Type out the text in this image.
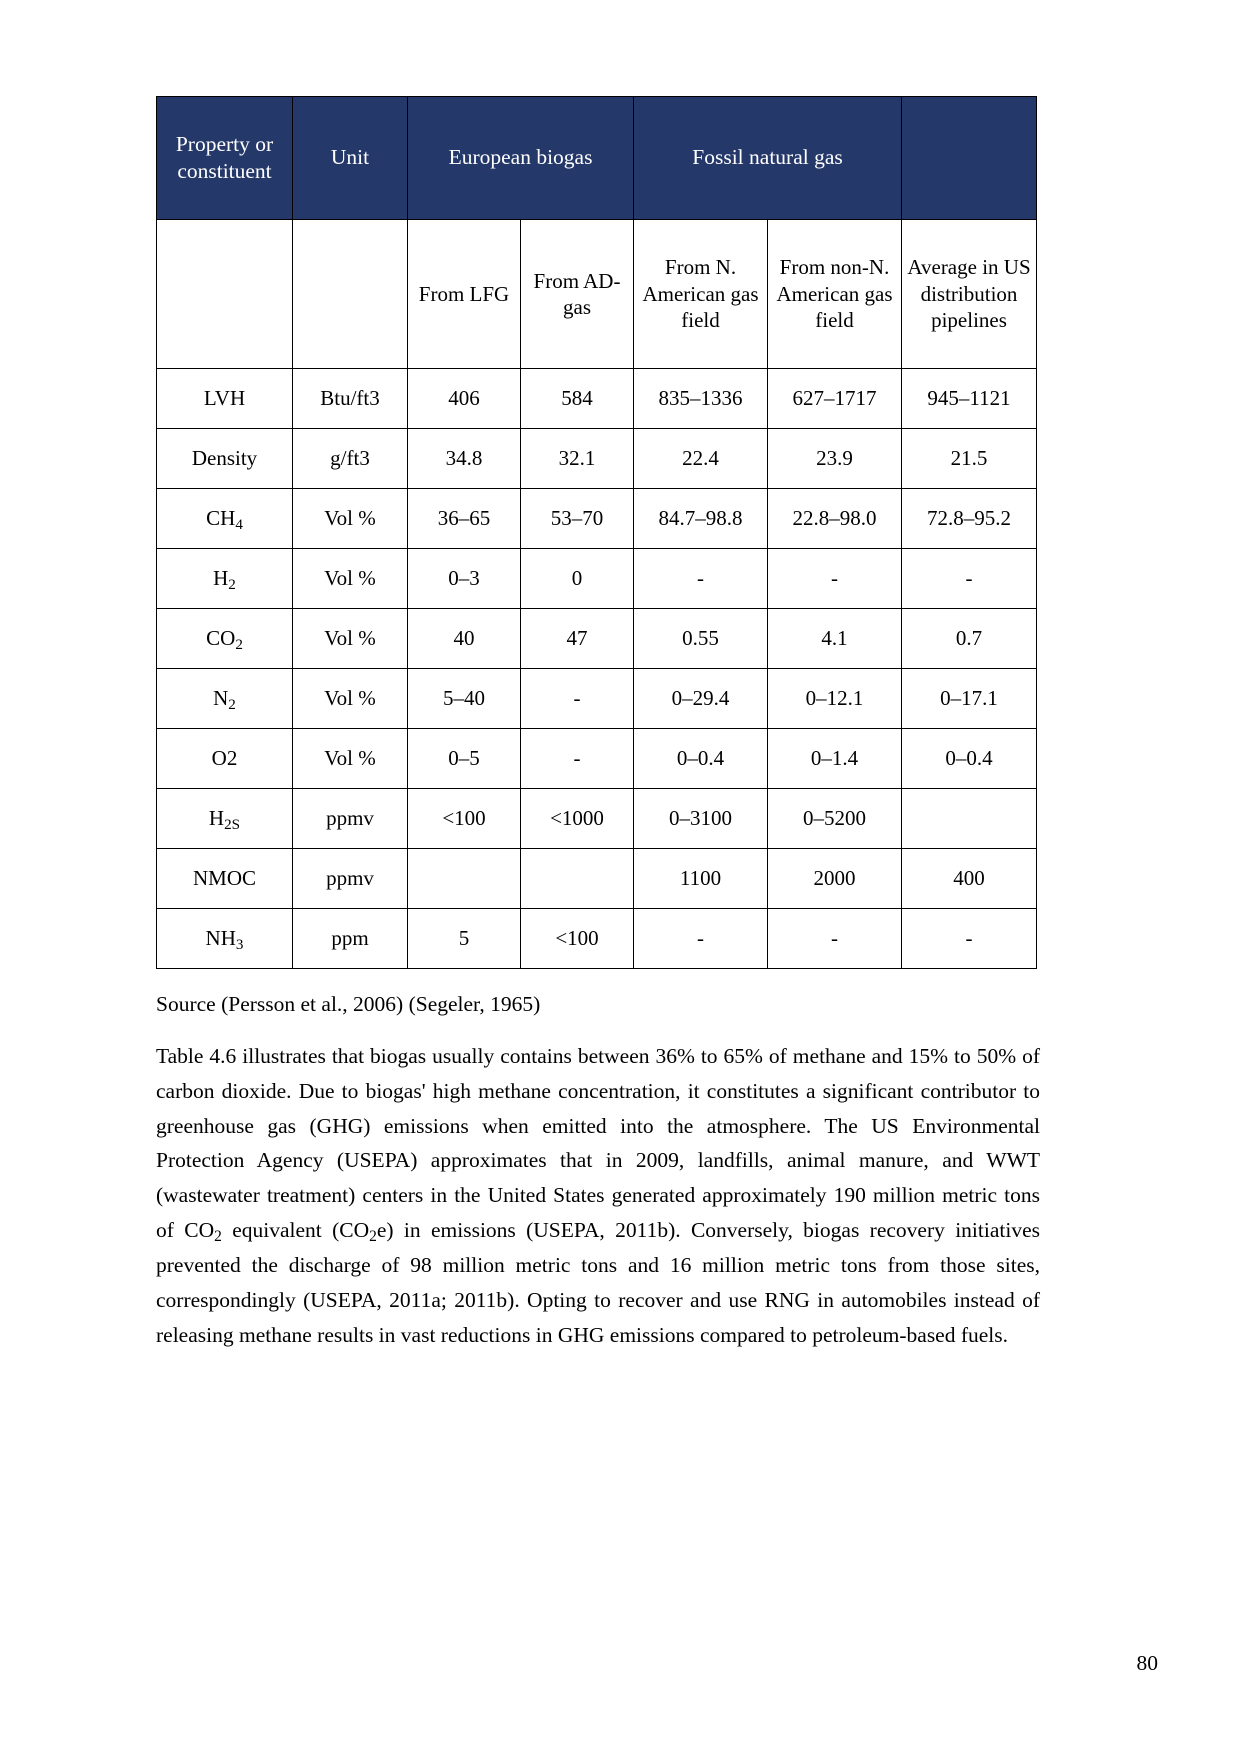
Property or constituent	Unit	European biogas		Fossil natural gas		
		From LFG	From AD-gas	From N. American gas field	From non-N. American gas field	Average in US distribution pipelines
LVH	Btu/ft3	406	584	835–1336	627–1717	945–1121
Density	g/ft3	34.8	32.1	22.4	23.9	21.5
$CH_4$	Vol %	36–65	53–70	84.7–98.8	22.8–98.0	72.8–95.2
$H_2$	Vol %	0–3	0	-	-	-
$CO_2$	Vol %	40	47	0.55	4.1	0.7
$N_2$	Vol %	5–40	-	0–29.4	0–12.1	0–17.1
O2	Vol %	0–5	-	0–0.4	0–1.4	0–0.4
$H_{2S}$	ppmv	<100	<1000	0–3100	0–5200	
NMOC	ppmv			1100	2000	400
$NH_3$	ppm	5	<100	-	-	-
Source (Persson et al., 2006) (Segeler, 1965)
Table 4.6 illustrates that biogas usually contains between 36% to 65% of methane and 15% to 50% of carbon dioxide. Due to biogas' high methane concentration, it constitutes a significant contributor to greenhouse gas (GHG) emissions when emitted into the atmosphere. The US Environmental Protection Agency (USEPA) approximates that in 2009, landfills, animal manure, and WWT (wastewater treatment) centers in the United States generated approximately 190 million metric tons of $CO_2$ equivalent $(CO_2e)$ in emissions (USEPA, 2011b). Conversely, biogas recovery initiatives prevented the discharge of 98 million metric tons and 16 million metric tons from those sites, correspondingly (USEPA, 2011a; 2011b). Opting to recover and use RNG in automobiles instead of releasing methane results in vast reductions in GHG emissions compared to petroleum-based fuels.
80
